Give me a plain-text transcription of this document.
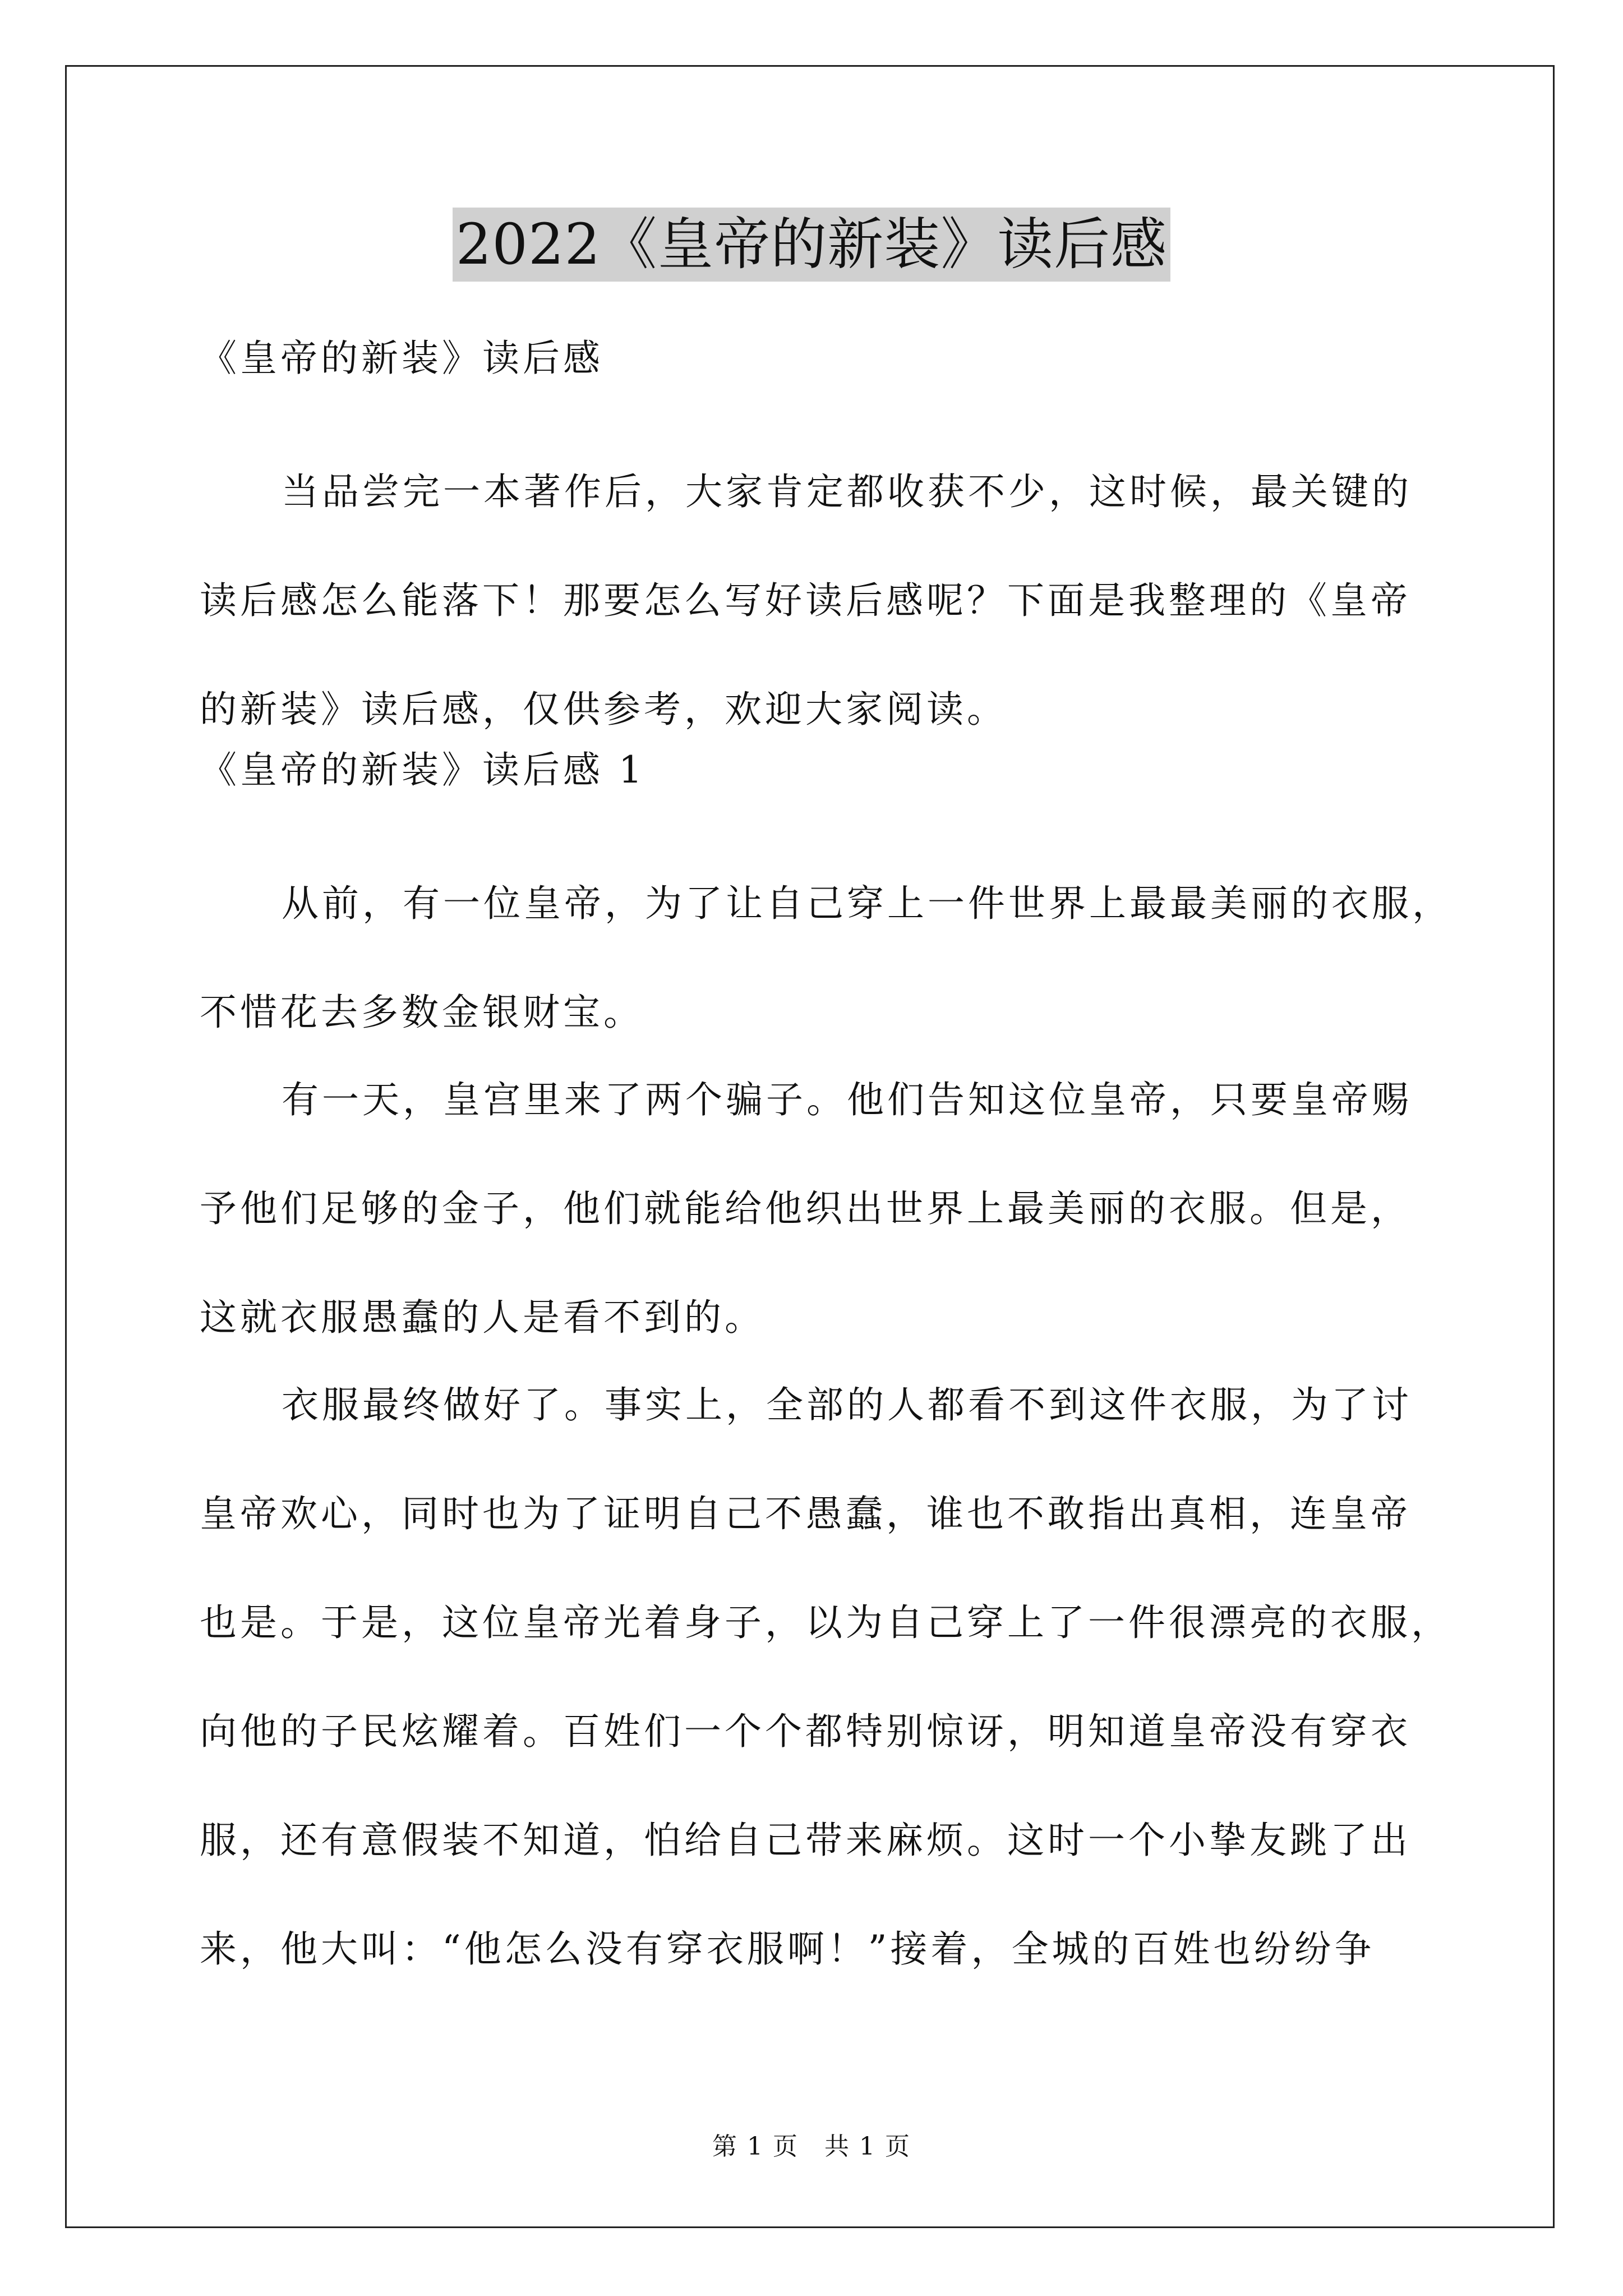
2022《皇帝的新装》读后感
《皇帝的新装》读后感
当品尝完一本著作后，大家肯定都收获不少，这时候，最关键的
读后感怎么能落下！那要怎么写好读后感呢？下面是我整理的《皇帝
的新装》读后感，仅供参考，欢迎大家阅读。
《皇帝的新装》读后感 1
从前，有一位皇帝，为了让自己穿上一件世界上最最美丽的衣服，
不惜花去多数金银财宝。
有一天，皇宫里来了两个骗子。他们告知这位皇帝，只要皇帝赐
予他们足够的金子，他们就能给他织出世界上最美丽的衣服。但是，
这就衣服愚蠢的人是看不到的。
衣服最终做好了。事实上，全部的人都看不到这件衣服，为了讨
皇帝欢心，同时也为了证明自己不愚蠢，谁也不敢指出真相，连皇帝
也是。于是，这位皇帝光着身子，以为自己穿上了一件很漂亮的衣服，
向他的子民炫耀着。百姓们一个个都特别惊讶，明知道皇帝没有穿衣
服，还有意假装不知道，怕给自己带来麻烦。这时一个小挚友跳了出
来，他大叫：“他怎么没有穿衣服啊！”接着，全城的百姓也纷纷争
第 1 页　共 1 页
